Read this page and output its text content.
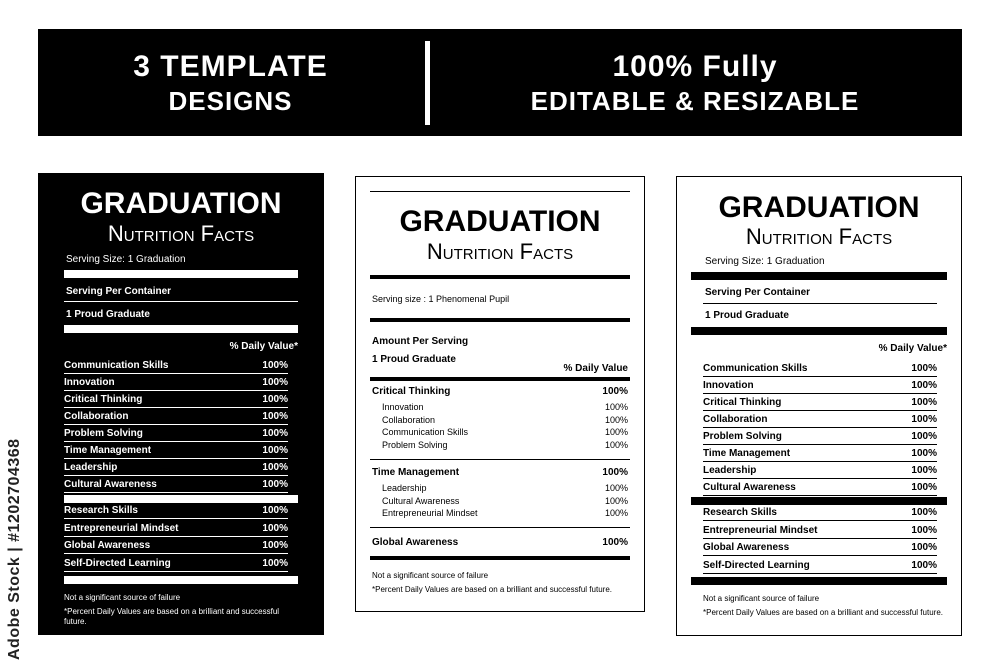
3 TEMPLATE
DESIGNS
100% Fully
EDITABLE & RESIZABLE
Adobe Stock | #1202704368
GRADUATION
Nutrition Facts
Serving Size: 1 Graduation
Serving Per Container
1 Proud Graduate
% Daily Value*
Communication Skills	100%
Innovation	100%
Critical Thinking	100%
Collaboration	100%
Problem Solving	100%
Time Management	100%
Leadership	100%
Cultural Awareness	100%
Research Skills	100%
Entrepreneurial Mindset	100%
Global Awareness	100%
Self-Directed Learning	100%
Not a significant source of failure
*Percent Daily Values are based on a brilliant and successful future.
GRADUATION
Nutrition Facts
Serving size : 1 Phenomenal Pupil
Amount Per Serving
1 Proud Graduate
% Daily Value
Critical Thinking	100%
Innovation	100%
Collaboration	100%
Communication Skills	100%
Problem Solving	100%
Time Management	100%
Leadership	100%
Cultural Awareness	100%
Entrepreneurial Mindset	100%
Global Awareness	100%
Not a significant source of failure
*Percent Daily Values are based on a brilliant and successful future.
GRADUATION
Nutrition Facts
Serving Size: 1 Graduation
Serving Per Container
1 Proud Graduate
% Daily Value*
Communication Skills	100%
Innovation	100%
Critical Thinking	100%
Collaboration	100%
Problem Solving	100%
Time Management	100%
Leadership	100%
Cultural Awareness	100%
Research Skills	100%
Entrepreneurial Mindset	100%
Global Awareness	100%
Self-Directed Learning	100%
Not a significant source of failure
*Percent Daily Values are based on a brilliant and successful future.
